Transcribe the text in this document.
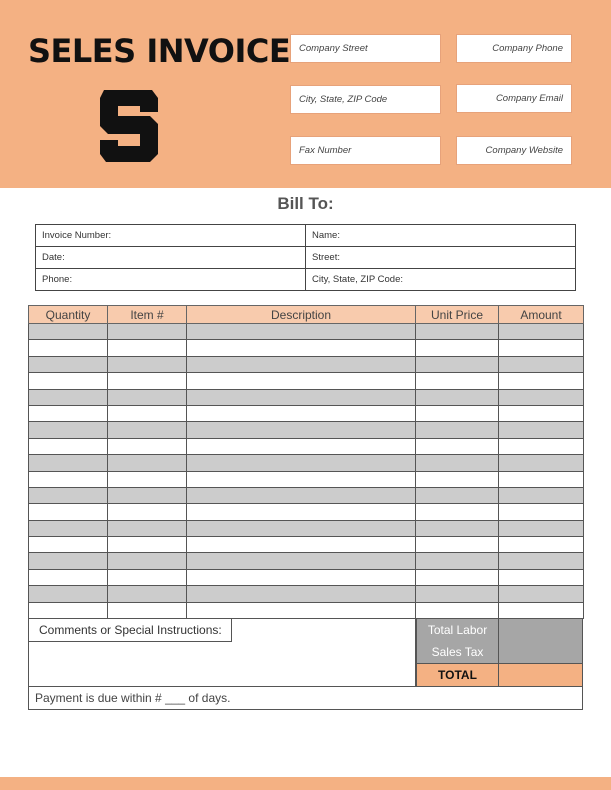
SELES INVOICE Company Street	Company Phone
City, State, ZIP Code	Company Email
Fax Number	Company Website
Bill To:
Invoice Number:	Name:
Date:	Street:
Phone:	City, State, ZIP Code:
Quantity	Item #	Description	Unit Price	Amount

Comments or Special Instructions:	Total Labor
Sales Tax
TOTAL
Payment is due within # ___ of days.
